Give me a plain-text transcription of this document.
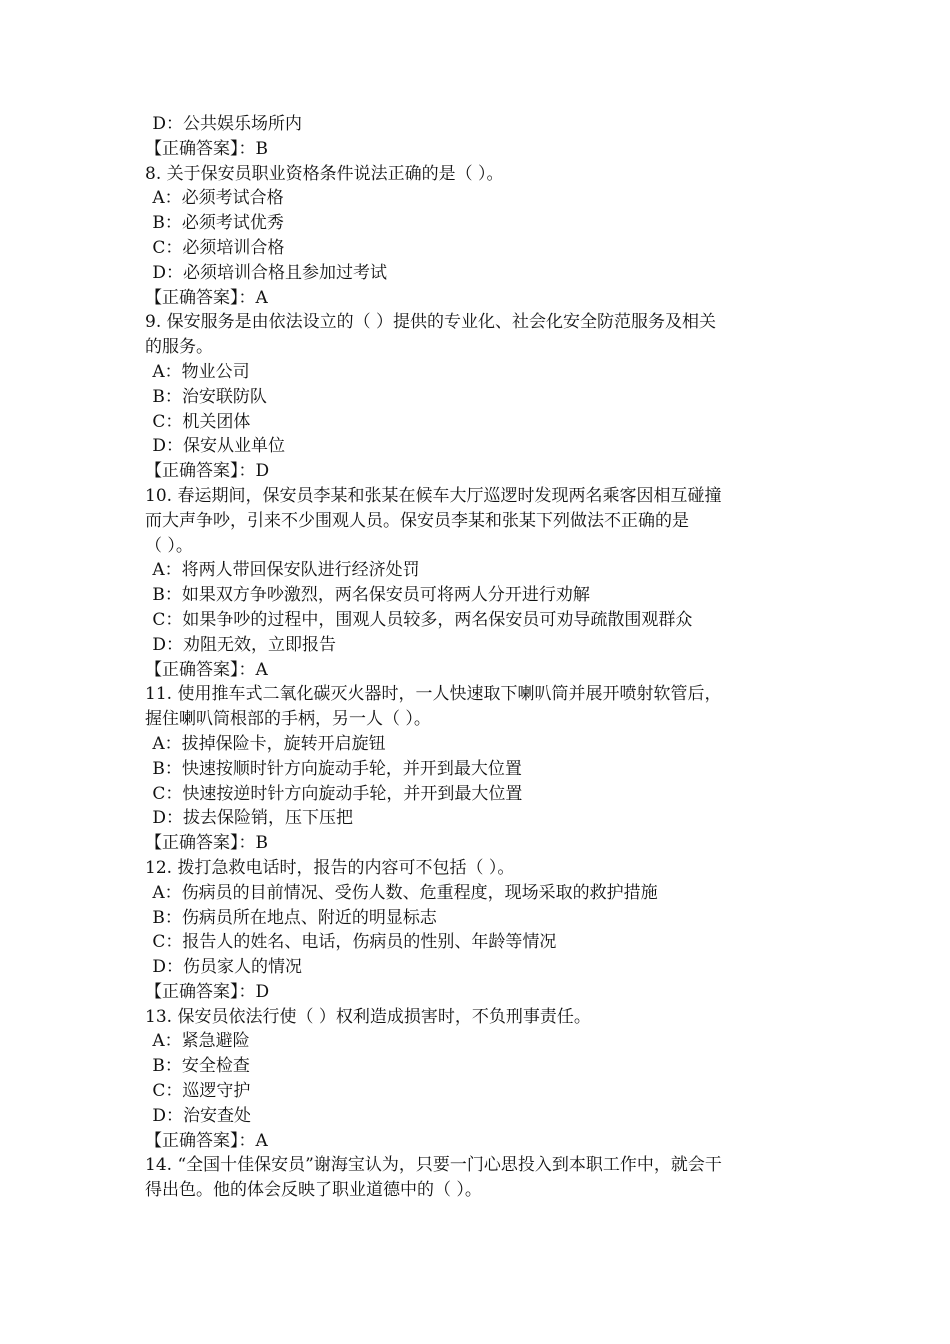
D：公共娱乐场所内

【正确答案】：B

8. 关于保安员职业资格条件说法正确的是（ ）。

A：必须考试合格

B：必须考试优秀

C：必须培训合格

D：必须培训合格且参加过考试

【正确答案】：A

9. 保安服务是由依法设立的（ ）提供的专业化、社会化安全防范服务及相关

的服务。

A：物业公司

B：治安联防队

C：机关团体

D：保安从业单位

【正确答案】：D

10. 春运期间，保安员李某和张某在候车大厅巡逻时发现两名乘客因相互碰撞

而大声争吵，引来不少围观人员。保安员李某和张某下列做法不正确的是

（ ）。

A：将两人带回保安队进行经济处罚

B：如果双方争吵激烈，两名保安员可将两人分开进行劝解

C：如果争吵的过程中，围观人员较多，两名保安员可劝导疏散围观群众

D：劝阻无效，立即报告

【正确答案】：A

11. 使用推车式二氧化碳灭火器时，一人快速取下喇叭筒并展开喷射软管后，

握住喇叭筒根部的手柄，另一人（ ）。

A：拔掉保险卡，旋转开启旋钮

B：快速按顺时针方向旋动手轮，并开到最大位置

C：快速按逆时针方向旋动手轮，并开到最大位置

D：拔去保险销，压下压把

【正确答案】：B

12. 拨打急救电话时，报告的内容可不包括（ ）。

A：伤病员的目前情况、受伤人数、危重程度，现场采取的救护措施

B：伤病员所在地点、附近的明显标志

C：报告人的姓名、电话，伤病员的性别、年龄等情况

D：伤员家人的情况

【正确答案】：D

13. 保安员依法行使（ ）权利造成损害时，不负刑事责任。

A：紧急避险

B：安全检查

C：巡逻守护

D：治安查处

【正确答案】：A

14. “全国十佳保安员”谢海宝认为，只要一门心思投入到本职工作中，就会干

得出色。他的体会反映了职业道德中的（ ）。
